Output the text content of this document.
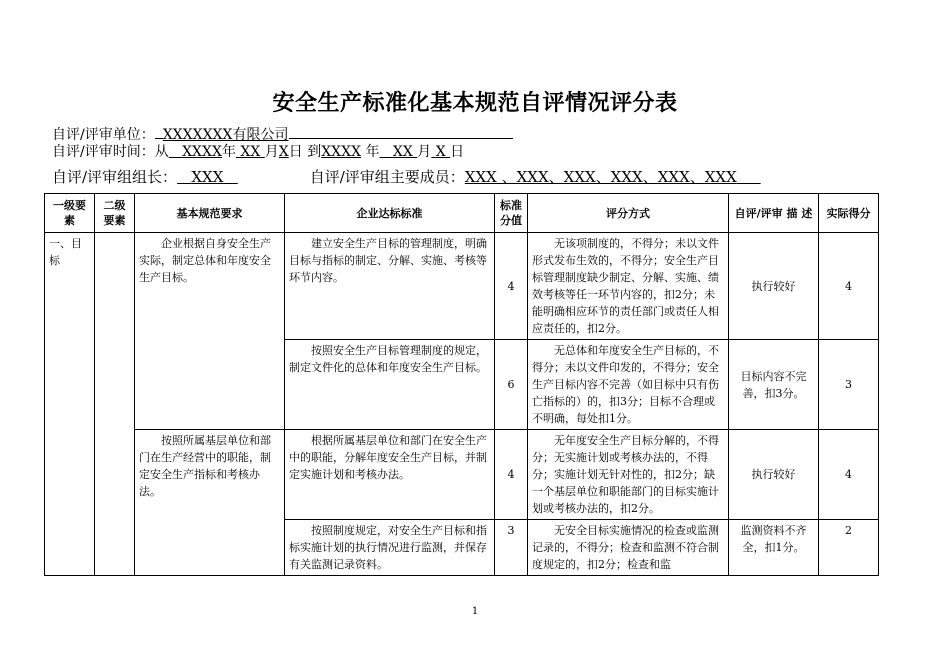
安全生产标准化基本规范自评情况评分表
自评/评审单位： XXXXXXX有限公司
自评/评审时间：从 XXXX年 XX 月X日 到XXXX 年 XX 月 X 日
自评/评审组组长： XXX	自评/评审组主要成员：XXX 、XXX、XXX、XXX、XXX、XXX
一级要素	二级要素	基本规范要求	企业达标标准	标准分值	评分方式	自评/评审 描 述	实际得分
一、目标		企业根据自身安全生产实际，制定总体和年度安全生产目标。	建立安全生产目标的管理制度，明确目标与指标的制定、分解、实施、考核等环节内容。	4	无该项制度的，不得分；未以文件形式发布生效的，不得分；安全生产目标管理制度缺少制定、分解、实施、绩效考核等任一环节内容的，扣2分；未能明确相应环节的责任部门或责任人相应责任的，扣2分。	执行较好	4
			按照安全生产目标管理制度的规定，制定文件化的总体和年度安全生产目标。	6	无总体和年度安全生产目标的，不得分；未以文件印发的，不得分；安全生产目标内容不完善（如目标中只有伤亡指标的）的，扣3分；目标不合理或不明确，每处扣1分。	目标内容不完善，扣3分。	3
		按照所属基层单位和部门在生产经营中的职能，制定安全生产指标和考核办法。	根据所属基层单位和部门在安全生产中的职能，分解年度安全生产目标，并制定实施计划和考核办法。	4	无年度安全生产目标分解的，不得分；无实施计划或考核办法的，不得分；实施计划无针对性的，扣2分；缺一个基层单位和职能部门的目标实施计划或考核办法的，扣2分。	执行较好	4
			按照制度规定，对安全生产目标和指标实施计划的执行情况进行监测，并保存有关监测记录资料。	3	无安全目标实施情况的检查或监测记录的，不得分；检查和监测不符合制度规定的，扣2分；检查和监	监测资料不齐全，扣1分。	2
1
